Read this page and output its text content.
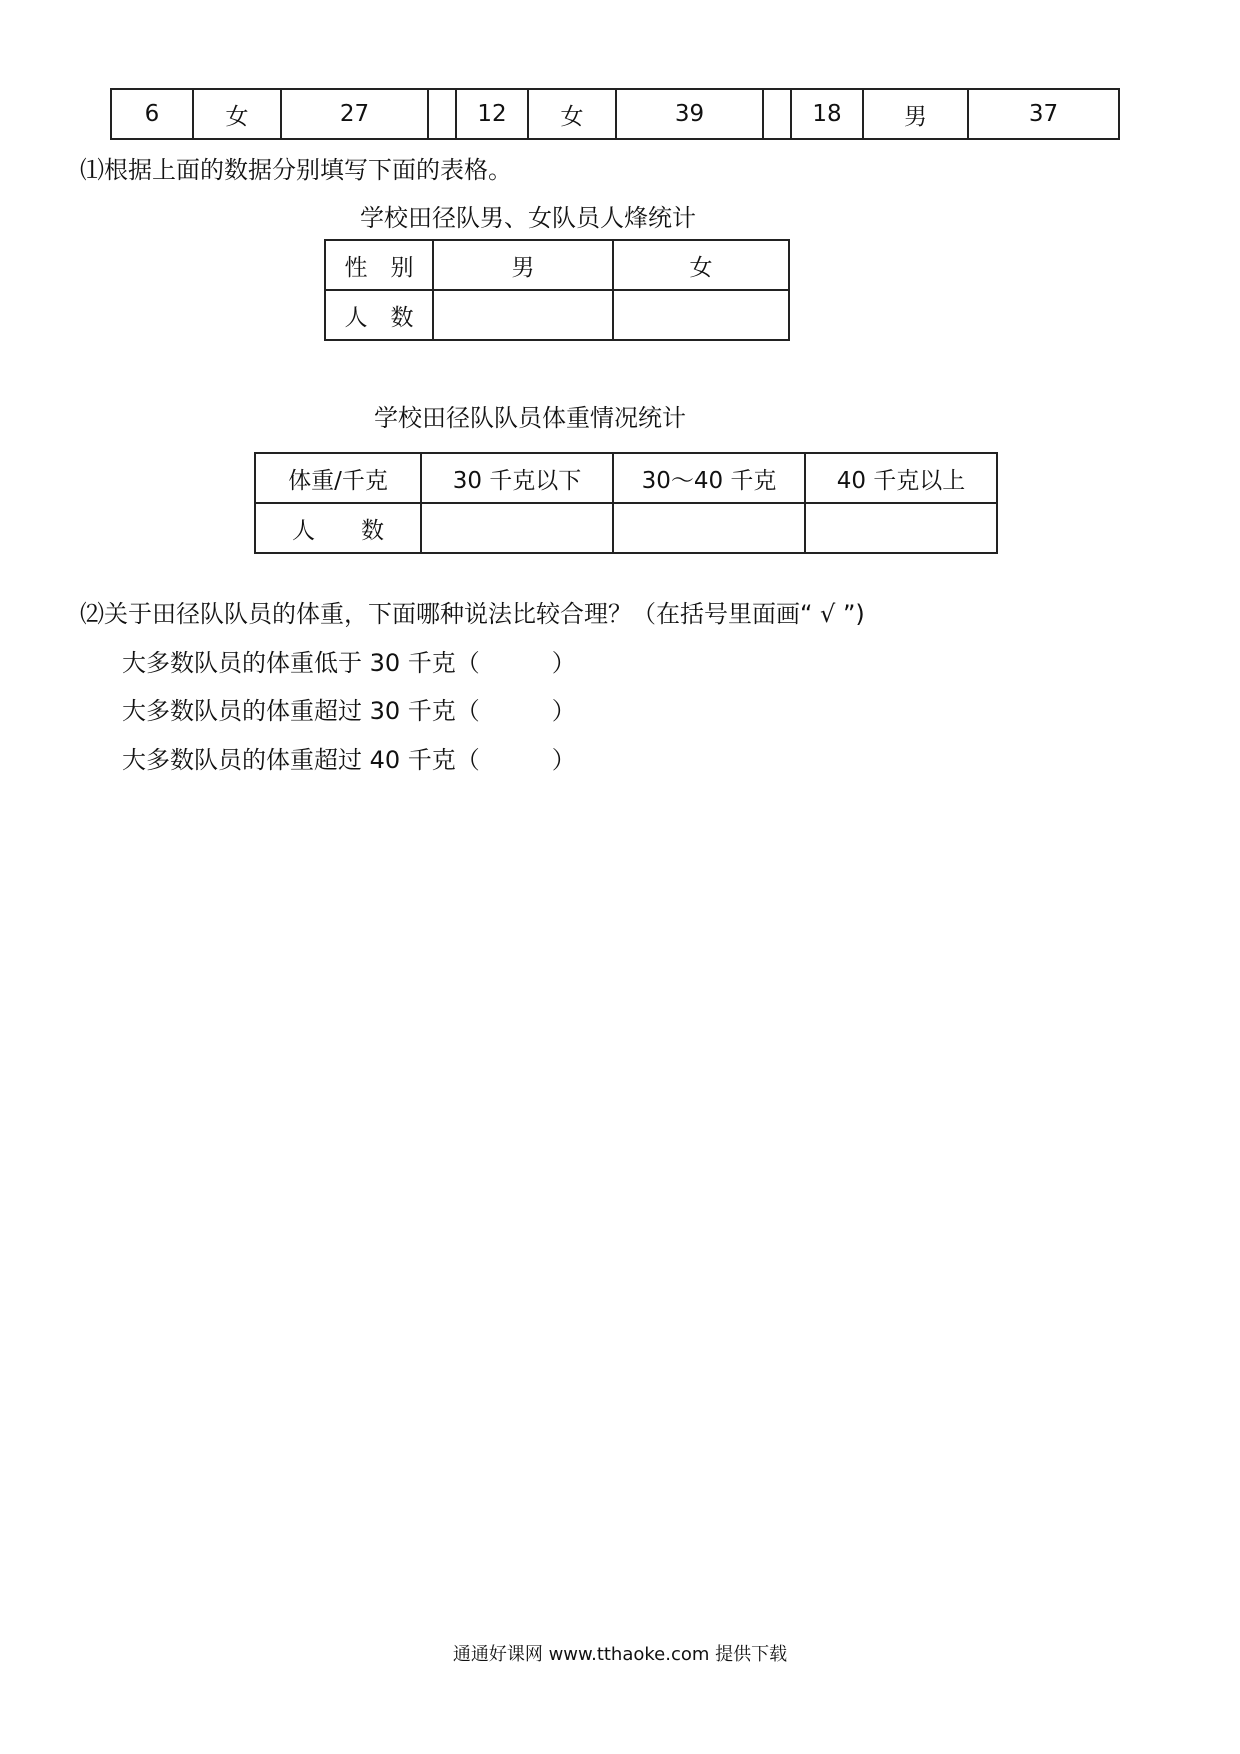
6	女	27		12	女	39		18	男	37
⑴根据上面的数据分别填写下面的表格。
学校田径队男、女队员人烽统计
性　别	男	女
人　数		
学校田径队队员体重情况统计
体重/千克	30 千克以下	30～40 千克	40 千克以上
人　　数			
⑵关于田径队队员的体重，下面哪种说法比较合理？（在括号里面画“ √ ”)
大多数队员的体重低于 30 千克（　　　）
大多数队员的体重超过 30 千克（　　　）
大多数队员的体重超过 40 千克（　　　）
通通好课网 www.tthaoke.com 提供下载
